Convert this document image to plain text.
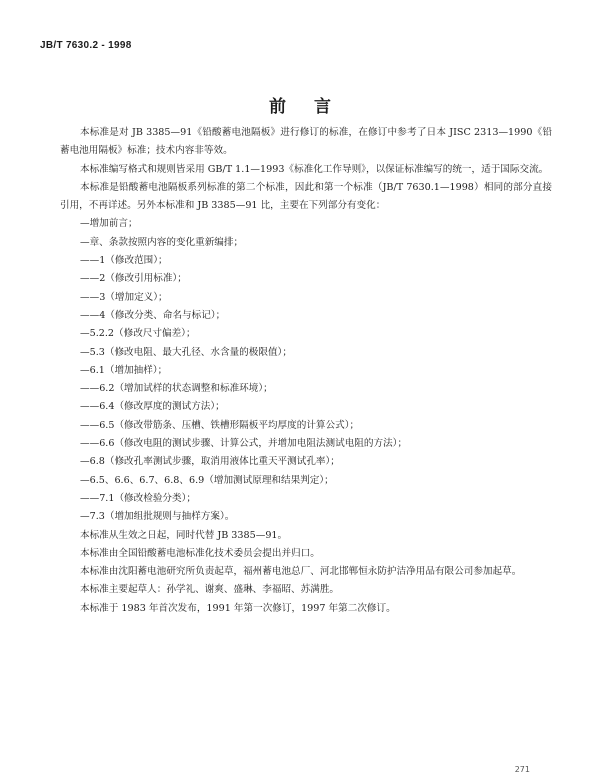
JB/T 7630.2 - 1998
前 言

本标准是对 JB 3385—91《铅酸蓄电池隔板》进行修订的标准，在修订中参考了日本 JISC 2313—1990《铅蓄电池用隔板》标准；技术内容非等效。

本标准编写格式和规则皆采用 GB/T 1.1—1993《标准化工作导则》，以保证标准编写的统一，适于国际交流。

本标准是铅酸蓄电池隔板系列标准的第二个标准，因此和第一个标准（JB/T 7630.1—1998）相同的部分直接引用，不再详述。另外本标准和 JB 3385—91 比，主要在下列部分有变化：

—增加前言；

—章、条款按照内容的变化重新编排；

——1（修改范围）；

——2（修改引用标准）；

——3（增加定义）；

——4（修改分类、命名与标记）；

—5.2.2（修改尺寸偏差）；

—5.3（修改电阻、最大孔径、水含量的极限值）；

—6.1（增加抽样）；

——6.2（增加试样的状态调整和标准环境）；

——6.4（修改厚度的测试方法）；

——6.5（修改带筋条、压槽、铁槽形隔板平均厚度的计算公式）；

——6.6（修改电阻的测试步骤、计算公式，并增加电阻法测试电阻的方法）；

—6.8（修改孔率测试步骤，取消用液体比重天平测试孔率）；

—6.5、6.6、6.7、6.8、6.9（增加测试原理和结果判定）；

——7.1（修改检验分类）；

—7.3（增加组批规则与抽样方案）。

本标准从生效之日起，同时代替 JB 3385—91。

本标准由全国铅酸蓄电池标准化技术委员会提出并归口。

本标准由沈阳蓄电池研究所负责起草，福州蓄电池总厂、河北邯郸恒永防护洁净用品有限公司参加起草。

本标准主要起草人：孙学礼、谢爽、盛琳、李福昭、苏满胜。

本标准于 1983 年首次发布，1991 年第一次修订，1997 年第二次修订。

271
